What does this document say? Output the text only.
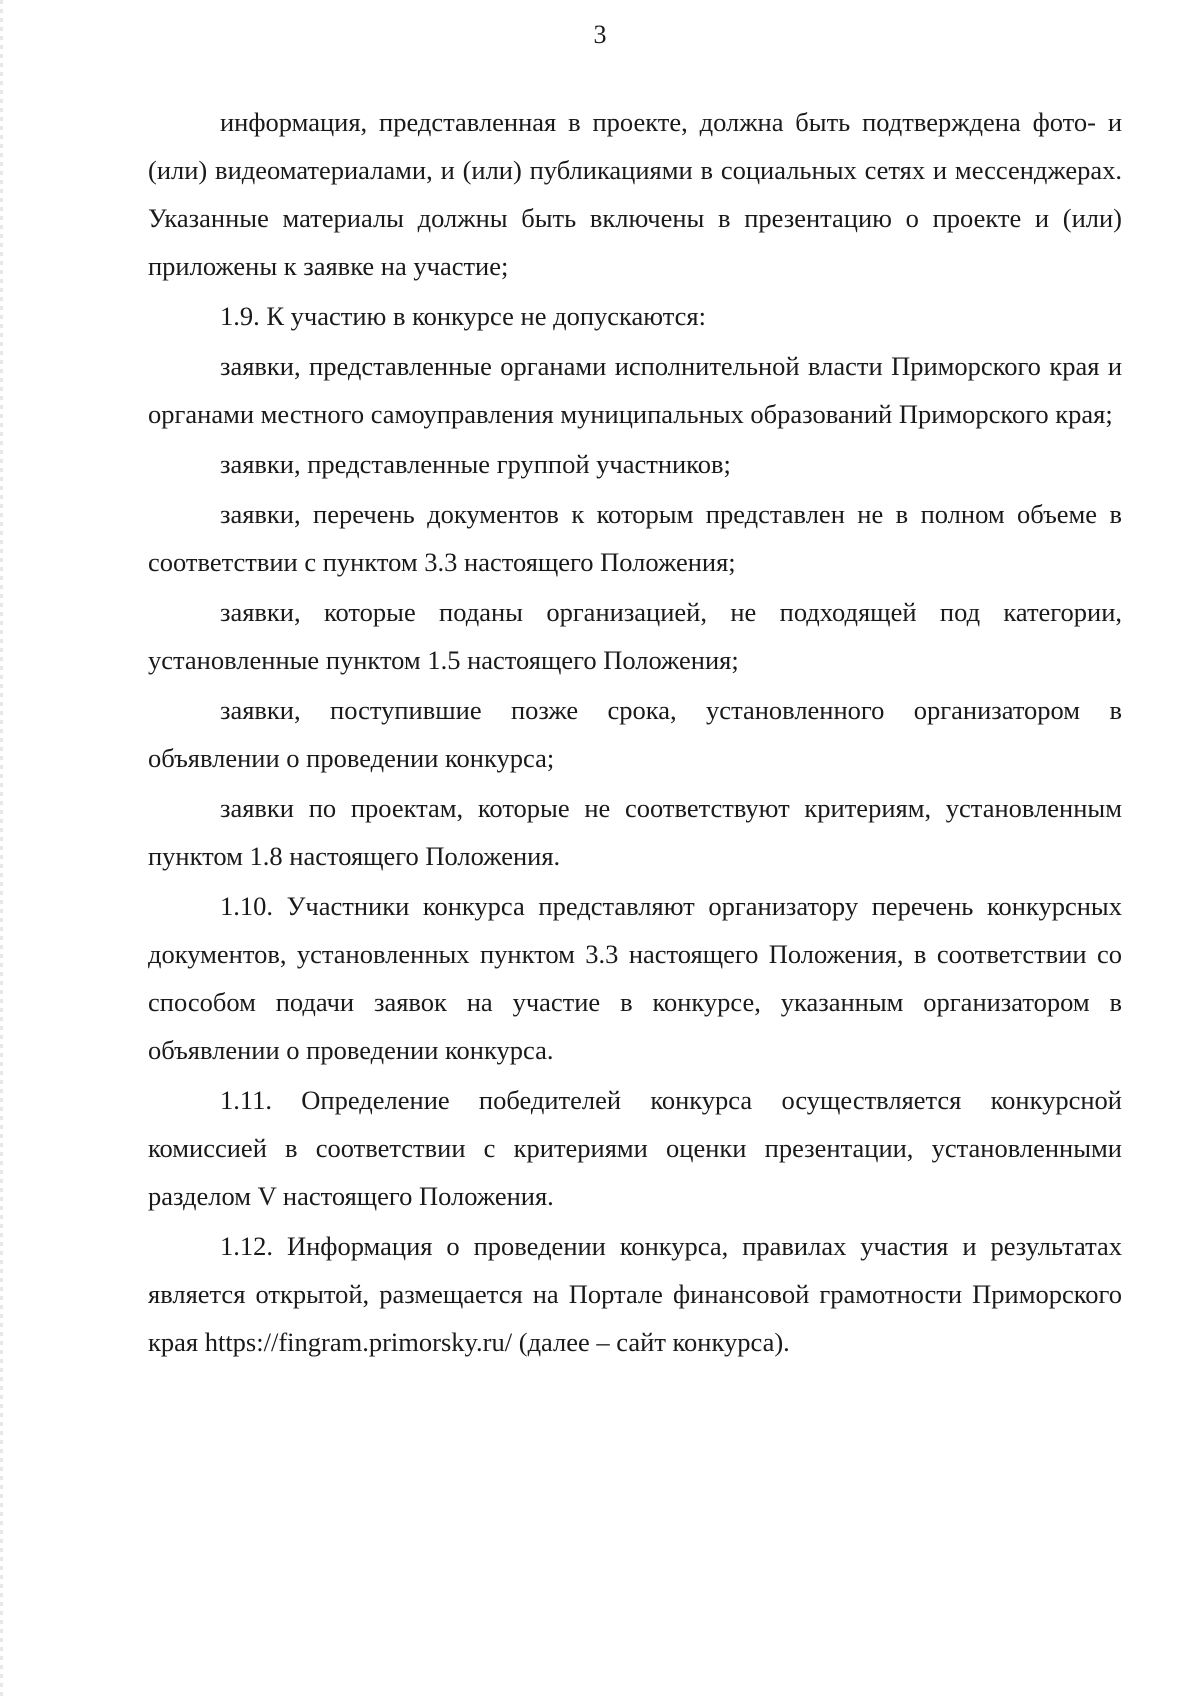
3

информация, представленная в проекте, должна быть подтверждена фото- и (или) видеоматериалами, и (или) публикациями в социальных сетях и мессенджерах. Указанные материалы должны быть включены в презентацию о проекте и (или) приложены к заявке на участие;

1.9. К участию в конкурсе не допускаются:

заявки, представленные органами исполнительной власти Приморского края и органами местного самоуправления муниципальных образований Приморского края;

заявки, представленные группой участников;

заявки, перечень документов к которым представлен не в полном объеме в соответствии с пунктом 3.3 настоящего Положения;

заявки, которые поданы организацией, не подходящей под категории, установленные пунктом 1.5 настоящего Положения;

заявки, поступившие позже срока, установленного организатором в объявлении о проведении конкурса;

заявки по проектам, которые не соответствуют критериям, установленным пунктом 1.8 настоящего Положения.

1.10. Участники конкурса представляют организатору перечень конкурсных документов, установленных пунктом 3.3 настоящего Положения, в соответствии со способом подачи заявок на участие в конкурсе, указанным организатором в объявлении о проведении конкурса.

1.11. Определение победителей конкурса осуществляется конкурсной комиссией в соответствии с критериями оценки презентации, установленными разделом V настоящего Положения.

1.12. Информация о проведении конкурса, правилах участия и результатах является открытой, размещается на Портале финансовой грамотности Приморского края https://fingram.primorsky.ru/ (далее – сайт конкурса).
